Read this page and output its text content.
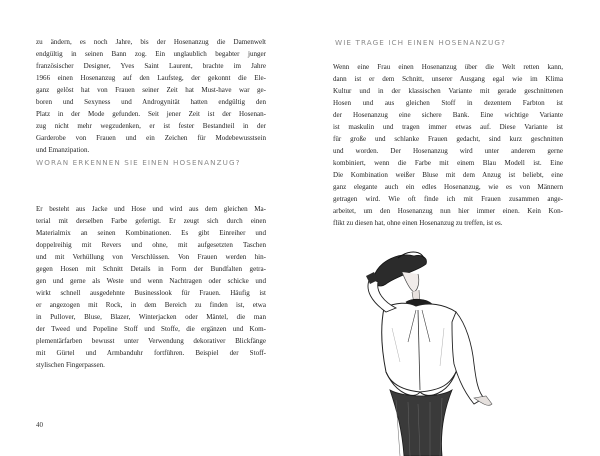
zu ändern, es noch Jahre, bis der Hosenanzug die Damenwelt
endgültig in seinen Bann zog. Ein unglaublich begabter junger
französischer Designer, Yves Saint Laurent, brachte im Jahre
1966 einen Hosenanzug auf den Laufsteg, der gekonnt die Ele-
ganz gelöst hat von Frauen seiner Zeit hat Must-have war ge-
boren und Sexyness und Androgynität hatten endgültig den
Platz in der Mode gefunden. Seit jener Zeit ist der Hosenan-
zug nicht mehr wegzudenken, er ist fester Bestandteil in der
Garderobe von Frauen und ein Zeichen für Modebewusstsein
und Emanzipation.

WORAN ERKENNEN SIE EINEN HOSENANZUG?

Er besteht aus Jacke und Hose und wird aus dem gleichen Ma-
terial mit derselben Farbe gefertigt. Er zeugt sich durch einen
Materialmix an seinen Kombinationen. Es gibt Einreiher und
doppelreihig mit Revers und ohne, mit aufgesetzten Taschen
und mit Verhüllung von Verschlüssen. Von Frauen werden hin-
gegen Hosen mit Schnitt Details in Form der Bundfalten getra-
gen und gerne als Weste und wenn Nachtragen oder schicke und
wirkt schnell ausgedehnte Businesslook für Frauen. Häufig ist
er angezogen mit Rock, in dem Bereich zu finden ist, etwa
in Pullover, Bluse, Blazer, Winterjacken oder Mäntel, die man
der Tweed und Popeline Stoff und Stoffe, die ergänzen und Kom-
plementärfarben bewusst unter Verwendung dekorativer Blickfänge
mit Gürtel und Armbanduhr fortführen. Beispiel der Stoff-
stylischen Fingerpassen.

40

WIE TRAGE ICH EINEN HOSENANZUG?

Wenn eine Frau einen Hosenanzug über die Welt retten kann,
dann ist er dem Schnitt, unserer Ausgang egal wie im Klima
Kultur und in der klassischen Variante mit gerade geschnittenen
Hosen und aus gleichen Stoff in dezentem Farbton ist
der Hosenanzug eine sichere Bank. Eine wichtige Variante
ist maskulin und tragen immer etwas auf. Diese Variante ist
für große und schlanke Frauen gedacht, sind kurz geschnitten
und worden. Der Hosenanzug wird unter anderem gerne
kombiniert, wenn die Farbe mit einem Blau Modell ist. Eine
Die Kombination weißer Bluse mit dem Anzug ist beliebt, eine
ganz elegante auch ein edles Hosenanzug, wie es von Männern
getragen wird. Wie oft finde ich mit Frauen zusammen ange-
arbeitet, um den Hosenanzug nun hier immer einen. Kein Kon-
flikt zu diesen hat, ohne einen Hosenanzug zu treffen, ist es.
